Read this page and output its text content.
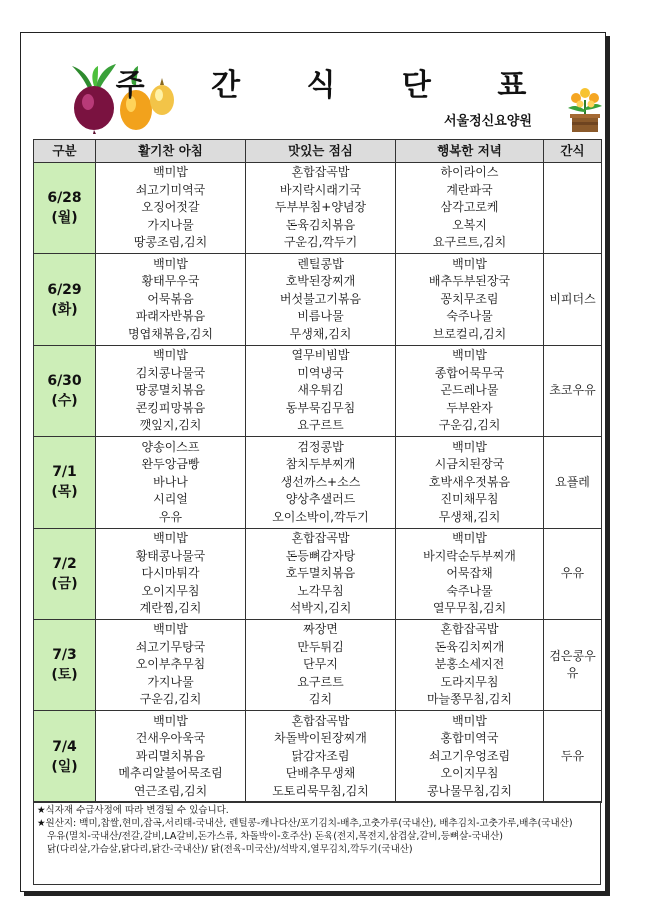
주 간 식 단 표
서울정신요양원
구분	활기찬 아침	맛있는 점심	행복한 저녁	간식

6/28
(월)	백미밥
쇠고기미역국
오징어젓갈
가지나물
땅콩조림,김치	혼합잡곡밥
바지락시래기국
두부부침+양념장
돈육김치볶음
구운김,깍두기	하이라이스
계란파국
삼각고로케
오복지
요구르트,김치	

6/29
(화)	백미밥
황태무우국
어묵볶음
파래자반볶음
명엽채볶음,김치	렌틸콩밥
호박된장찌개
버섯불고기볶음
비름나물
무생채,김치	백미밥
배추두부된장국
꽁치무조림
숙주나물
브로컬리,김치	비피더스

6/30
(수)	백미밥
김치콩나물국
땅콩멸치볶음
콘킹피망볶음
깻잎지,김치	열무비빔밥
미역냉국
새우튀김
동부묵김무침
요구르트	백미밥
종합어묵무국
곤드레나물
두부완자
구운김,김치	초코우유

7/1
(목)	양송이스프
완두앙금빵
바나나
시리얼
우유	검정콩밥
참치두부찌개
생선까스+소스
양상추샐러드
오이소박이,깍두기	백미밥
시금치된장국
호박새우젓볶음
진미채무침
무생채,김치	요플레

7/2
(금)	백미밥
황태콩나물국
다시마튀각
오이지무침
계란찜,김치	혼합잡곡밥
돈등뼈감자탕
호두멸치볶음
노각무침
석박지,김치	백미밥
바지락순두부찌개
어묵잡채
숙주나물
열무무침,김치	우유

7/3
(토)	백미밥
쇠고기무탕국
오이부추무침
가지나물
구운김,김치	짜장면
만두튀김
단무지
요구르트
김치	혼합잡곡밥
돈육김치찌개
분홍소세지전
도라지무침
마늘쫑무침,김치	검은콩우유

7/4
(일)	백미밥
건새우아욱국
꽈리멸치볶음
메추리알불어묵조림
연근조림,김치	혼합잡곡밥
차돌박이된장찌개
닭감자조림
단배추무생채
도토리묵무침,김치	백미밥
홍합미역국
쇠고기우엉조림
오이지무침
콩나물무침,김치	두유
★식자재 수급사정에 따라 변경될 수 있습니다.
★원산지: 백미,찹쌀,현미,잡곡,서리태-국내산, 렌틸콩-캐나다산/포기김치-배추,고춧가루(국내산), 배추김치-고춧가루,배추(국내산)
우유(멸치-국내산/전갈,갈비,LA갈비,돈가스류, 차돌박이-호주산) 돈육(전지,목전지,삼겹살,갈비,등뼈살-국내산)
닭(다리살,가슴살,닭다리,닭간-국내산)/ 닭(전육-미국산)/석박지,열무김치,깍두기(국내산)
